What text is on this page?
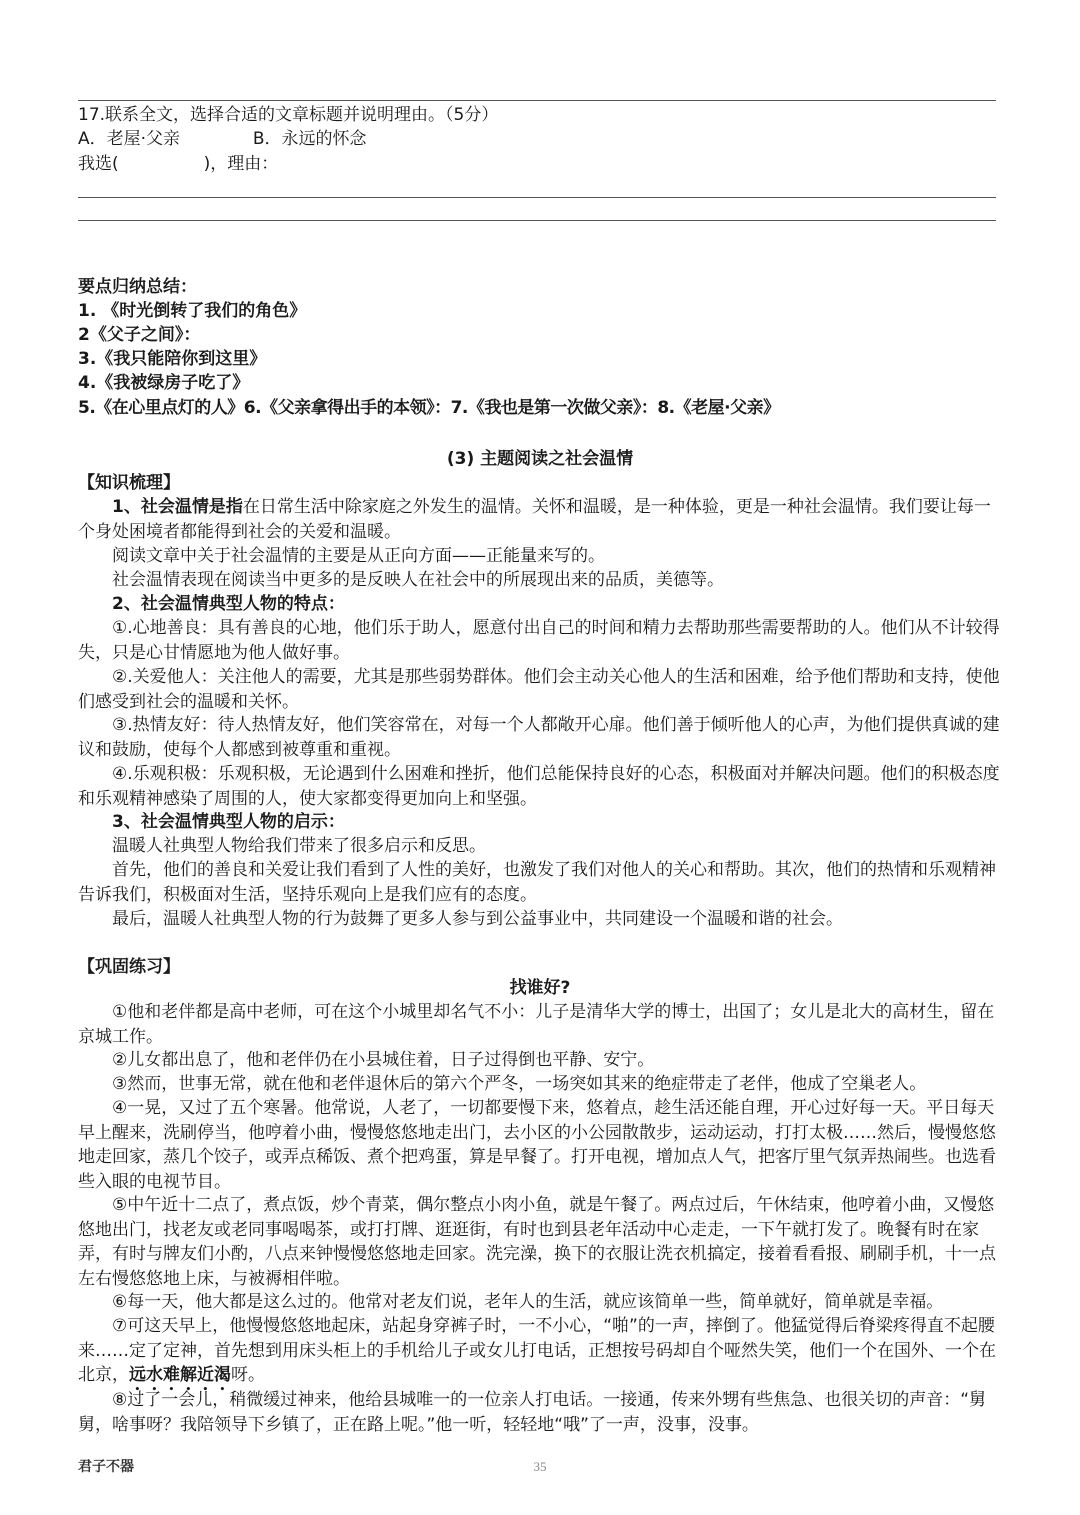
17.联系全文，选择合适的文章标题并说明理由。（5分）
A．老屋·父亲	B．永远的怀念
我选(　　　　　)，理由：
要点归纳总结：
1. 《时光倒转了我们的角色》
2《父子之间》：
3.《我只能陪你到这里》
4.《我被绿房子吃了》
5.《在心里点灯的人》6.《父亲拿得出手的本领》：7.《我也是第一次做父亲》：8.《老屋·父亲》
(3) 主题阅读之社会温情
【知识梳理】
1、社会温情是指在日常生活中除家庭之外发生的温情。关怀和温暖，是一种体验，更是一种社会温情。我们要让每一个身处困境者都能得到社会的关爱和温暖。
阅读文章中关于社会温情的主要是从正向方面——正能量来写的。
社会温情表现在阅读当中更多的是反映人在社会中的所展现出来的品质，美德等。
2、社会温情典型人物的特点：
①.心地善良：具有善良的心地，他们乐于助人，愿意付出自己的时间和精力去帮助那些需要帮助的人。他们从不计较得失，只是心甘情愿地为他人做好事。
②.关爱他人：关注他人的需要，尤其是那些弱势群体。他们会主动关心他人的生活和困难，给予他们帮助和支持，使他们感受到社会的温暖和关怀。
③.热情友好：待人热情友好，他们笑容常在，对每一个人都敞开心扉。他们善于倾听他人的心声，为他们提供真诚的建议和鼓励，使每个人都感到被尊重和重视。
④.乐观积极：乐观积极，无论遇到什么困难和挫折，他们总能保持良好的心态，积极面对并解决问题。他们的积极态度和乐观精神感染了周围的人，使大家都变得更加向上和坚强。
3、社会温情典型人物的启示：
温暖人社典型人物给我们带来了很多启示和反思。
首先，他们的善良和关爱让我们看到了人性的美好，也激发了我们对他人的关心和帮助。其次，他们的热情和乐观精神告诉我们，积极面对生活，坚持乐观向上是我们应有的态度。
最后，温暖人社典型人物的行为鼓舞了更多人参与到公益事业中，共同建设一个温暖和谐的社会。
【巩固练习】
找谁好?
①他和老伴都是高中老师，可在这个小城里却名气不小：儿子是清华大学的博士，出国了；女儿是北大的高材生，留在京城工作。
②儿女都出息了，他和老伴仍在小县城住着，日子过得倒也平静、安宁。
③然而，世事无常，就在他和老伴退休后的第六个严冬，一场突如其来的绝症带走了老伴，他成了空巢老人。
④一晃，又过了五个寒暑。他常说，人老了，一切都要慢下来，悠着点，趁生活还能自理，开心过好每一天。平日每天早上醒来，洗刷停当，他哼着小曲，慢慢悠悠地走出门，去小区的小公园散散步，运动运动，打打太极……然后，慢慢悠悠地走回家，蒸几个饺子，或弄点稀饭、煮个把鸡蛋，算是早餐了。打开电视，增加点人气，把客厅里气氛弄热闹些。也选看些入眼的电视节目。
⑤中午近十二点了，煮点饭，炒个青菜，偶尔整点小肉小鱼，就是午餐了。两点过后，午休结束，他哼着小曲，又慢悠悠地出门，找老友或老同事喝喝茶，或打打牌、逛逛街，有时也到县老年活动中心走走，一下午就打发了。晚餐有时在家弄，有时与牌友们小酌，八点来钟慢慢悠悠地走回家。洗完澡，换下的衣服让洗衣机搞定，接着看看报、刷刷手机，十一点左右慢悠悠地上床，与被褥相伴啦。
⑥每一天，他大都是这么过的。他常对老友们说，老年人的生活，就应该简单一些，简单就好，简单就是幸福。
⑦可这天早上，他慢慢悠悠地起床，站起身穿裤子时，一不小心，“啪”的一声，摔倒了。他猛觉得后脊梁疼得直不起腰来……定了定神，首先想到用床头柜上的手机给儿子或女儿打电话，正想按号码却自个哑然失笑，他们一个在国外、一个在北京，远水难解近渴呀。
⑧过了一会儿，稍微缓过神来，他给县城唯一的一位亲人打电话。一接通，传来外甥有些焦急、也很关切的声音：“舅舅，啥事呀？我陪领导下乡镇了，正在路上呢。”他一听，轻轻地“哦”了一声，没事，没事。
君子不器	35
